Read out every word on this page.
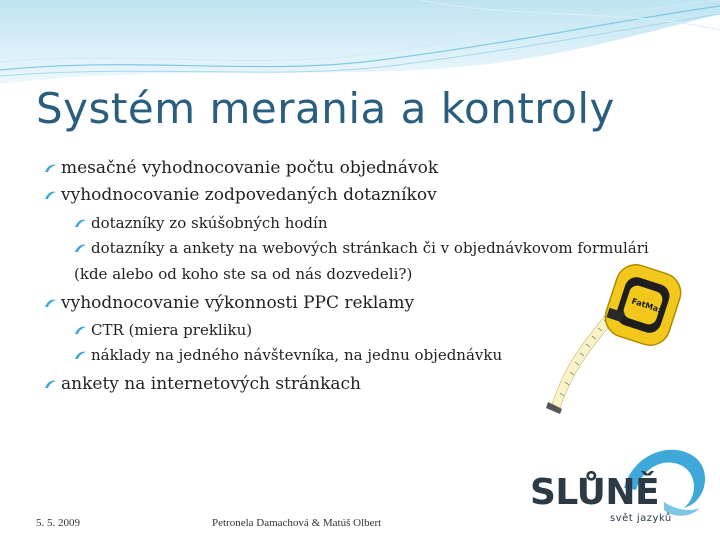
Systém merania a kontroly
mesačné vyhodnocovanie počtu objednávok
vyhodnocovanie zodpovedaných dotazníkov
dotazníky zo skúšobných hodín
dotazníky a ankety na webových stránkach či v objednávkovom formulári
(kde alebo od koho ste sa od nás dozvedeli?)
vyhodnocovanie výkonnosti PPC reklamy
CTR (miera prekliku)
náklady na jedného návštevníka, na jednu objednávku
ankety na internetových stránkach
FatMax
SLŮNĚ
svět jazyků
5. 5. 2009	Petronela Damachová & Matúš Olbert
